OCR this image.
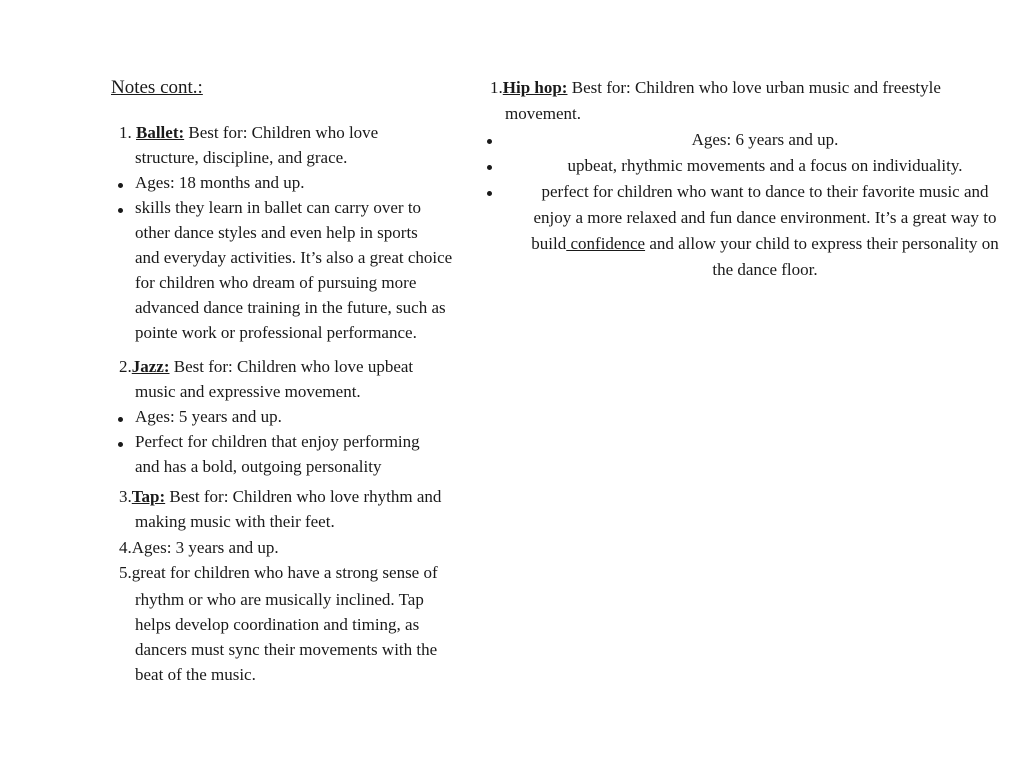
Notes cont.:
1. Ballet: Best for: Children who love
structure, discipline, and grace.
Ages: 18 months and up.
skills they learn in ballet can carry over to
other dance styles and even help in sports
and everyday activities. It’s also a great choice
for children who dream of pursuing more
advanced dance training in the future, such as
pointe work or professional performance.
2.Jazz: Best for: Children who love upbeat
music and expressive movement.
Ages: 5 years and up.
Perfect for children that enjoy performing
and has a bold, outgoing personality
3.Tap: Best for: Children who love rhythm and
making music with their feet.
4.Ages: 3 years and up.
5.great for children who have a strong sense of
rhythm or who are musically inclined. Tap
helps develop coordination and timing, as
dancers must sync their movements with the
beat of the music.
1.Hip hop: Best for: Children who love urban music and freestyle
movement.
Ages: 6 years and up.
upbeat, rhythmic movements and a focus on individuality.
perfect for children who want to dance to their favorite music and
enjoy a more relaxed and fun dance environment. It’s a great way to
build confidence and allow your child to express their personality on
the dance floor.
